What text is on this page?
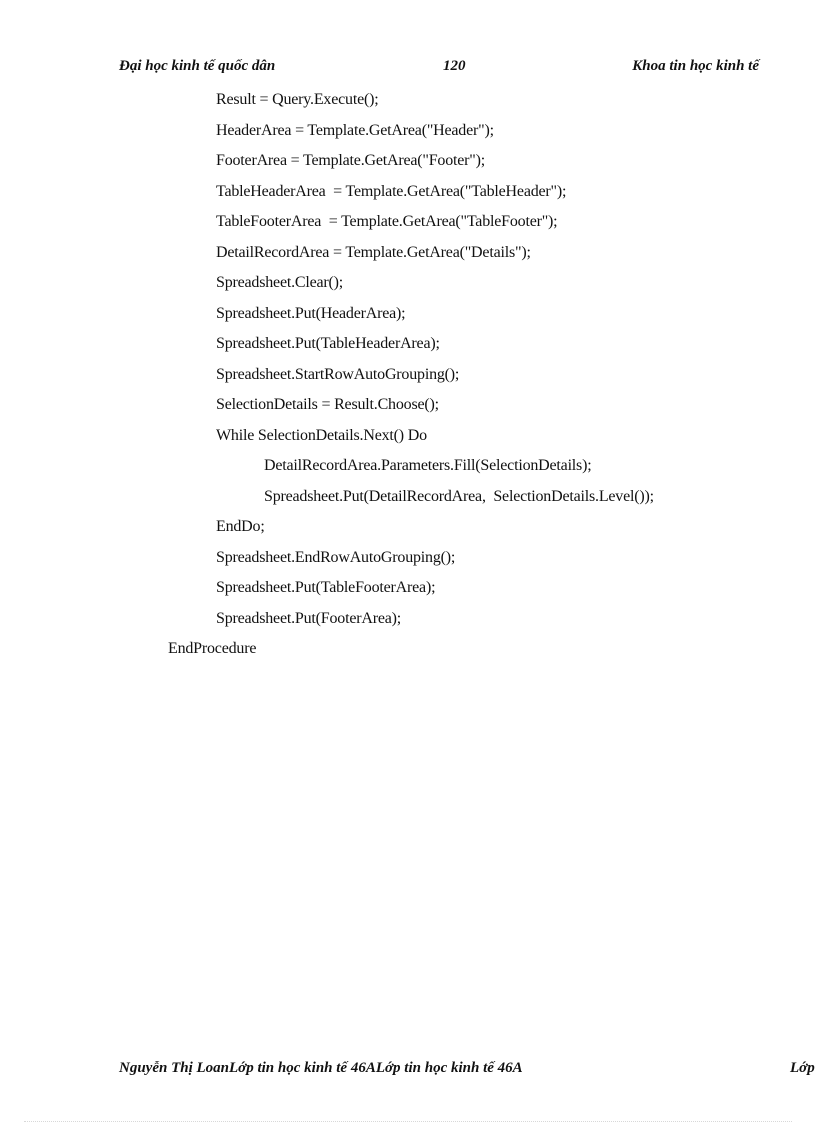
Đại học kinh tế quốc dân	120	Khoa tin học kinh tế
Result = Query.Execute();
HeaderArea = Template.GetArea("Header");
FooterArea = Template.GetArea("Footer");
TableHeaderArea  = Template.GetArea("TableHeader");
TableFooterArea  = Template.GetArea("TableFooter");
DetailRecordArea = Template.GetArea("Details");
Spreadsheet.Clear();
Spreadsheet.Put(HeaderArea);
Spreadsheet.Put(TableHeaderArea);
Spreadsheet.StartRowAutoGrouping();
SelectionDetails = Result.Choose();
While SelectionDetails.Next() Do
DetailRecordArea.Parameters.Fill(SelectionDetails);
Spreadsheet.Put(DetailRecordArea,  SelectionDetails.Level());
EndDo;
Spreadsheet.EndRowAutoGrouping();
Spreadsheet.Put(TableFooterArea);
Spreadsheet.Put(FooterArea);
EndProcedure
Nguyễn Thị LoanLớp tin học kinh tế 46ALớp tin học kinh tế 46A	Lớp
